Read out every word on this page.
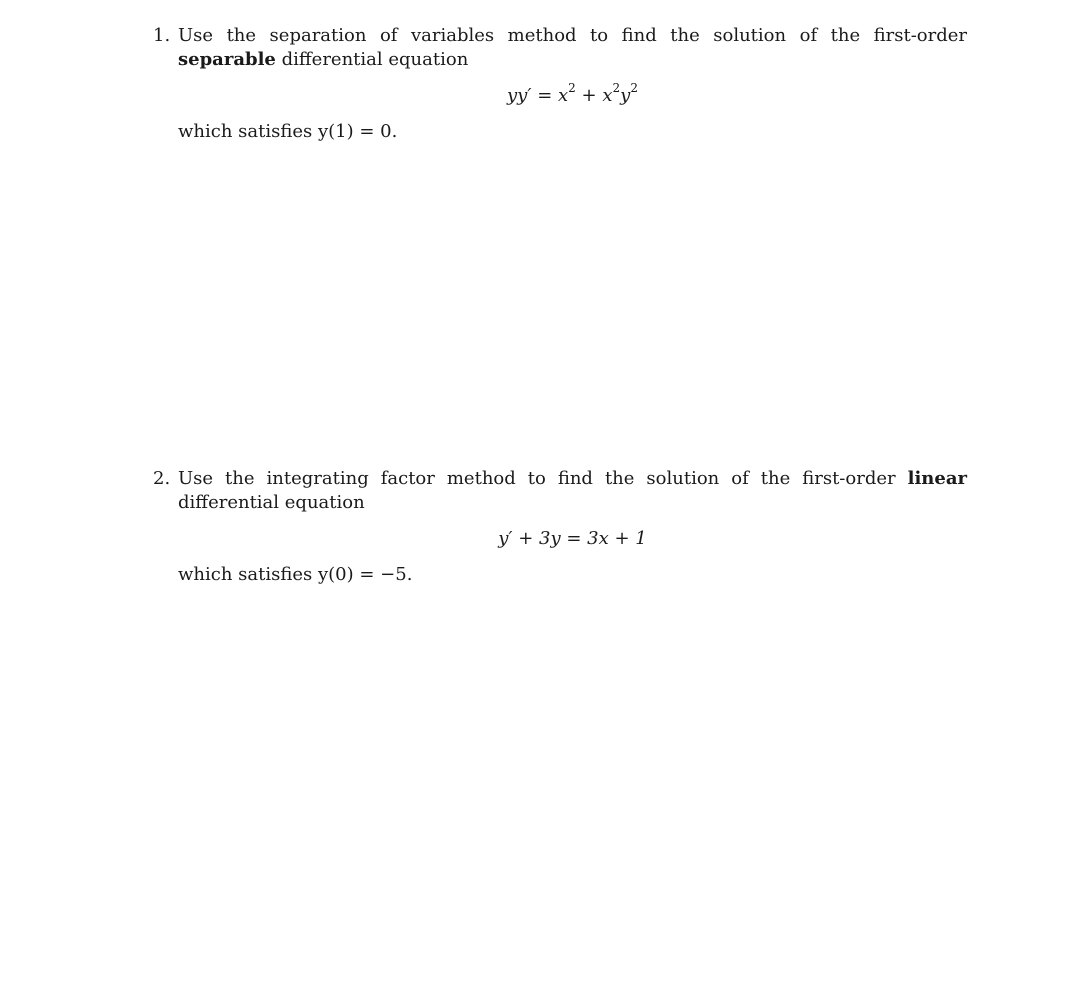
1. Use the separation of variables method to find the solution of the first-order separable differential equation
$yy' = x^2 + x^2y^2$
which satisfies y(1) = 0.
2. Use the integrating factor method to find the solution of the first-order linear differential equation
y′ + 3y = 3x + 1
which satisfies y(0) = −5.
